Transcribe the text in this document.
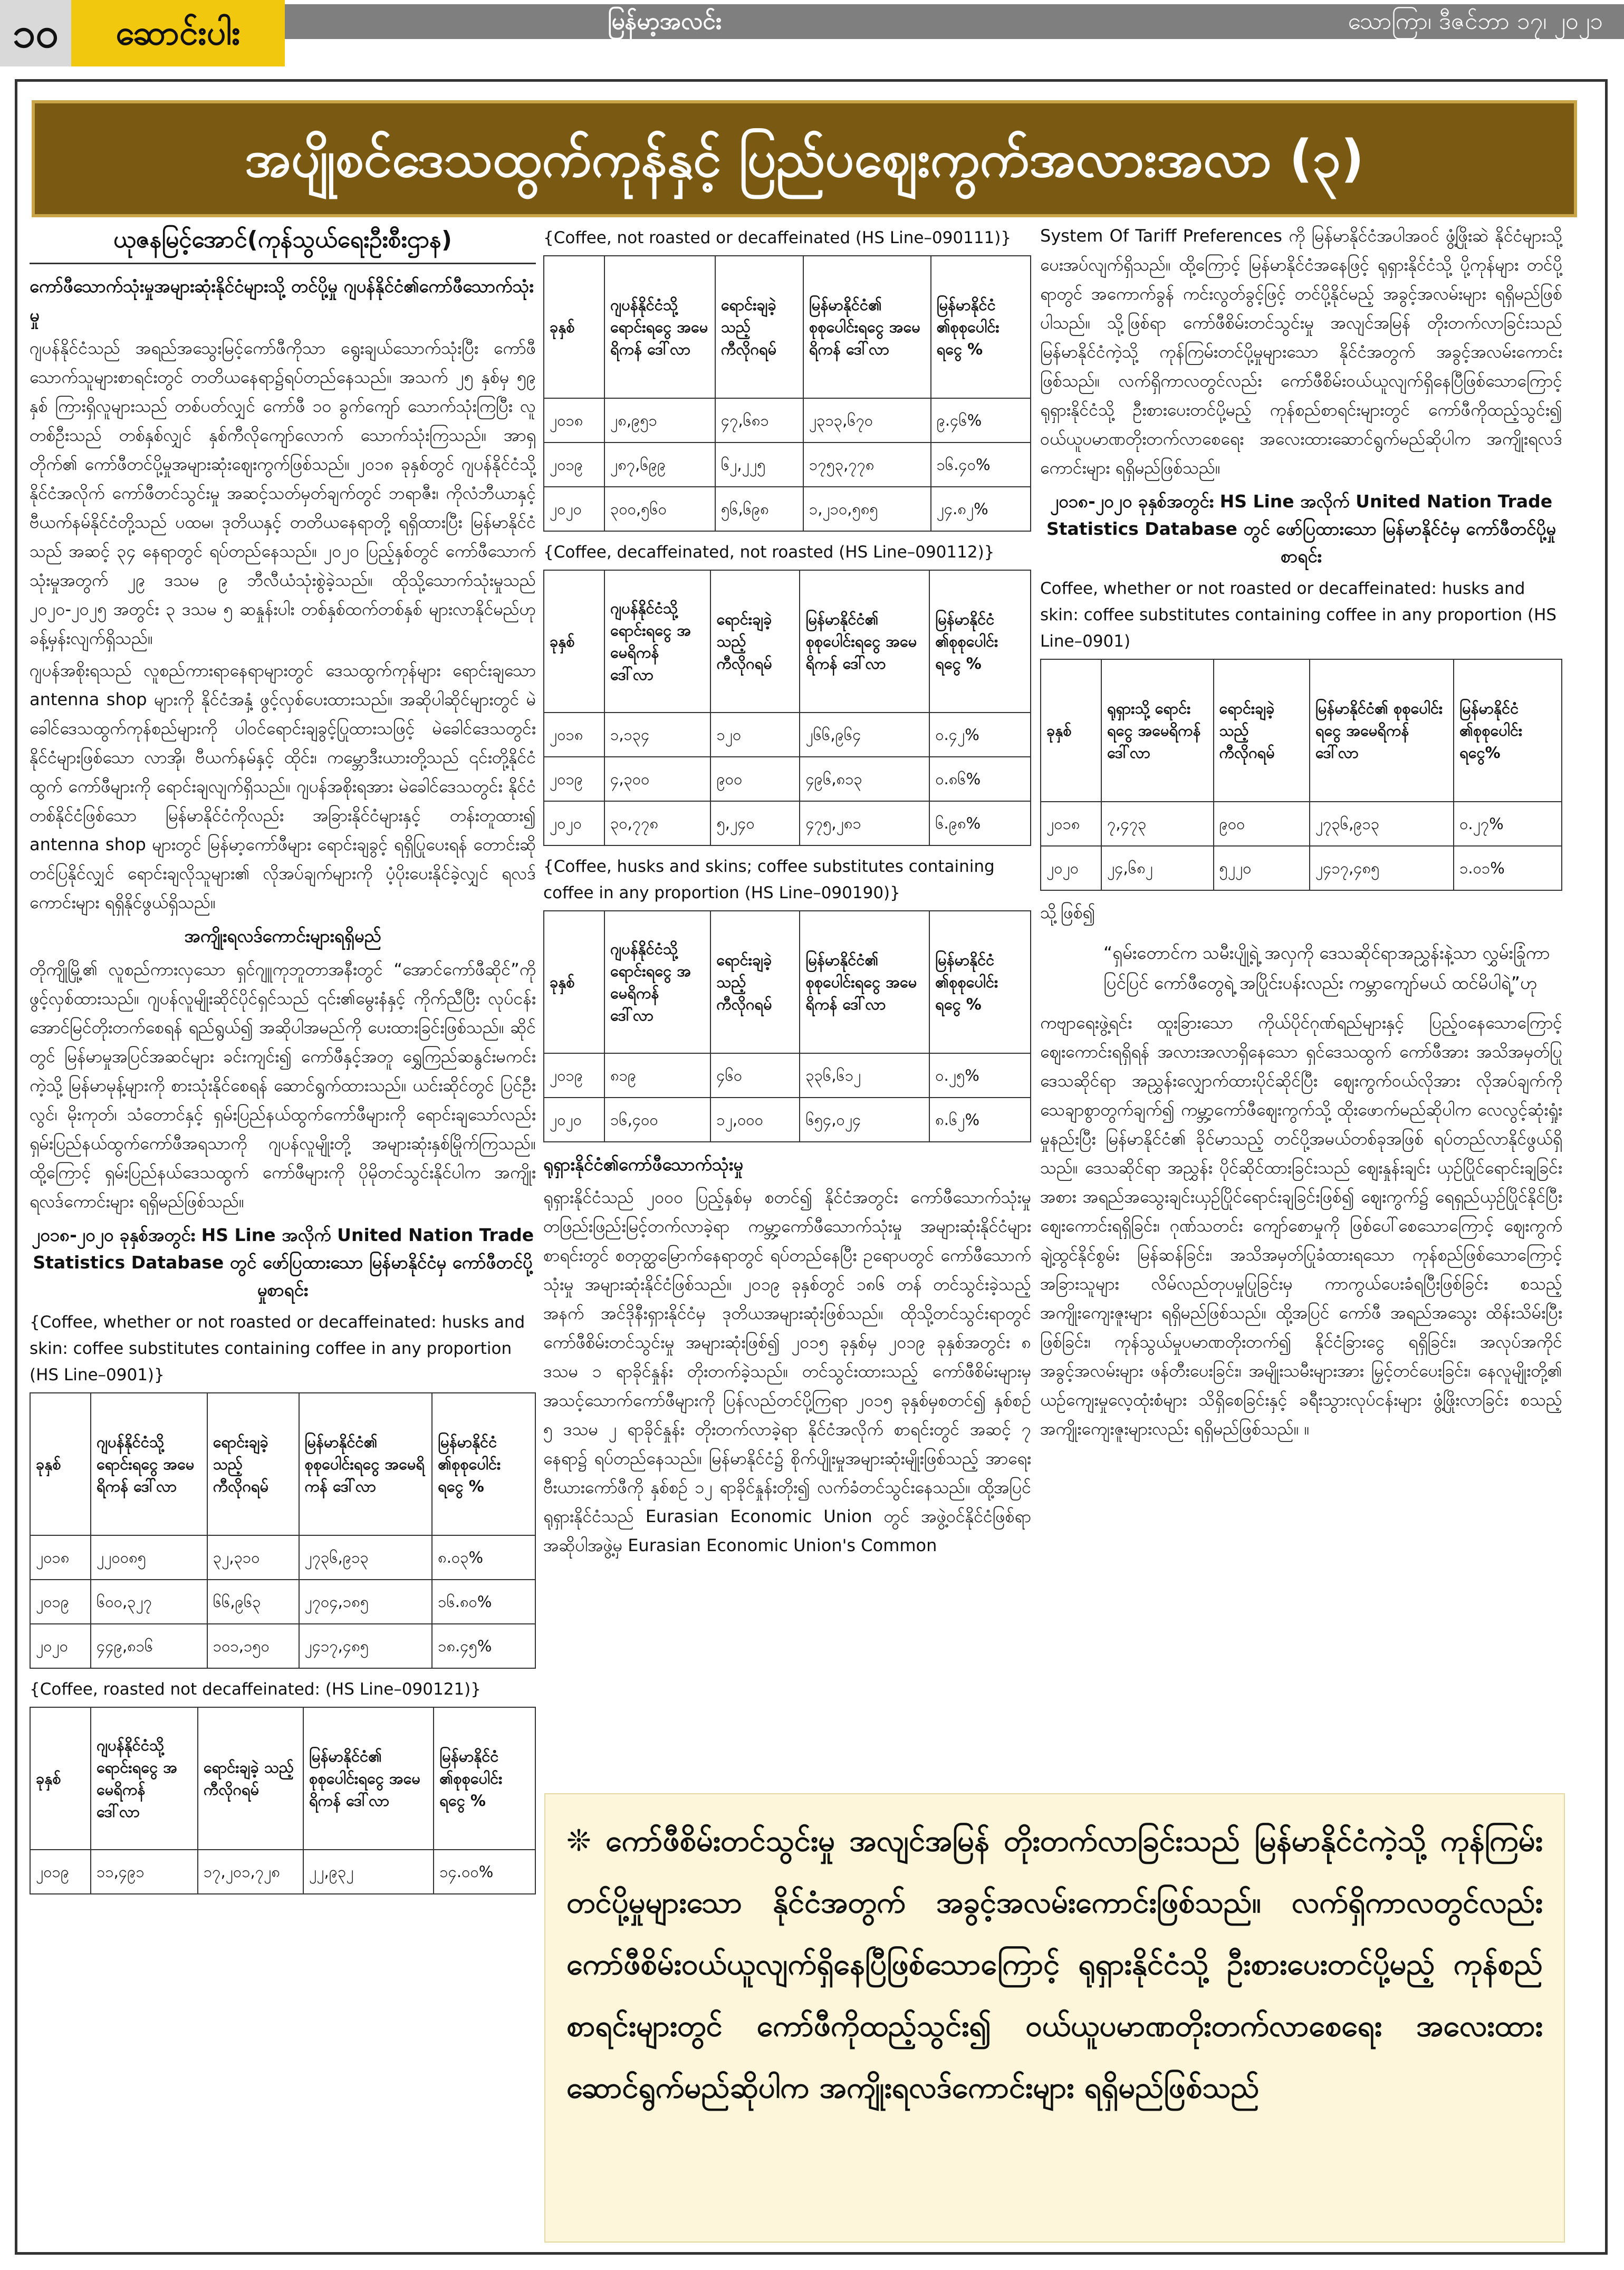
၁၀	ဆောင်းပါး	မြန်မာ့အလင်း	သောကြာ၊ ဒီဇင်ဘာ ၁၇၊ ၂၀၂၁
အပျိုစင်ဒေသထွက်ကုန်နှင့် ပြည်ပဈေးကွက်အလားအလာ (၃)
ယုဇနမြင့်အောင်(ကုန်သွယ်ရေးဦးစီးဌာန)
ကော်ဖီသောက်သုံးမှုအများဆုံးနိုင်ငံများသို့ တင်ပို့မှု ဂျပန်နိုင်ငံ၏ကော်ဖီသောက်သုံးမှု
ဂျပန်နိုင်ငံသည် အရည်အသွေးမြင့်ကော်ဖီကိုသာ ရွေးချယ်သောက်သုံးပြီး ကော်ဖီသောက်သူများစာရင်းတွင် တတိယနေရာ၌ရပ်တည်နေသည်။ အသက် ၂၅ နှစ်မှ ၅၉ နှစ် ကြားရှိလူများသည် တစ်ပတ်လျှင် ကော်ဖီ ၁၀ ခွက်ကျော် သောက်သုံးကြပြီး လူတစ်ဦးသည် တစ်နှစ်လျှင် နှစ်ကီလိုကျော်လောက် သောက်သုံးကြသည်။ အာရှတိုက်၏ ကော်ဖီတင်ပို့မှုအများဆုံးဈေးကွက်ဖြစ်သည်။ ၂၀၁၈ ခုနှစ်တွင် ဂျပန်နိုင်ငံသို့ နိုင်ငံအလိုက် ကော်ဖီတင်သွင်းမှု အဆင့်သတ်မှတ်ချက်တွင် ဘရာဇီး၊ ကိုလံဘီယာနှင့် ဗီယက်နမ်နိုင်ငံတို့သည် ပထမ၊ ဒုတိယနှင့် တတိယနေရာတို့ ရရှိထားပြီး မြန်မာနိုင်ငံသည် အဆင့် ၃၄ နေရာတွင် ရပ်တည်နေသည်။ ၂၀၂၀ ပြည့်နှစ်တွင် ကော်ဖီသောက်သုံးမှုအတွက် ၂၉ ဒသမ ၉ ဘီလီယံသုံးစွဲခဲ့သည်။ ထိုသို့သောက်သုံးမှုသည် ၂၀၂၀-၂၀၂၅ အတွင်း ၃ ဒသမ ၅ ဆနှုန်းပါး တစ်နှစ်ထက်တစ်နှစ် များလာနိုင်မည်ဟု ခန့်မှန်းလျက်ရှိသည်။
ဂျပန်အစိုးရသည် လူစည်ကားရာနေရာများတွင် ဒေသထွက်ကုန်များ ရောင်းချသော antenna shop များကို နိုင်ငံအနှံ့ ဖွင့်လှစ်ပေးထားသည်။ အဆိုပါဆိုင်များတွင် မဲခေါင်ဒေသထွက်ကုန်စည်များကို ပါဝင်ရောင်းချခွင့်ပြုထားသဖြင့် မဲခေါင်ဒေသတွင်း နိုင်ငံများဖြစ်သော လာအို၊ ဗီယက်နမ်နှင့် ထိုင်း၊ ကမ္ဘောဒီးယားတို့သည် ၎င်းတို့နိုင်ငံထွက် ကော်ဖီများကို ရောင်းချလျက်ရှိသည်။ ဂျပန်အစိုးရအား မဲခေါင်ဒေသတွင်း နိုင်ငံတစ်နိုင်ငံဖြစ်သော မြန်မာနိုင်ငံကိုလည်း အခြားနိုင်ငံများနှင့် တန်းတူထား၍ antenna shop များတွင် မြန်မာ့ကော်ဖီများ ရောင်းချခွင့် ရရှိပြုပေးရန် တောင်းဆိုတင်ပြနိုင်လျှင် ရောင်းချလိုသူများ၏ လိုအပ်ချက်များကို ပံ့ပိုးပေးနိုင်ခဲ့လျှင် ရလဒ်ကောင်းများ ရရှိနိုင်ဖွယ်ရှိသည်။
အကျိုးရလဒ်ကောင်းများရရှိမည်
တိုကျိုမြို့၏ လူစည်ကားလှသော ရှင်ဂျူကုဘူတာအနီးတွင် “အောင်ကော်ဖီဆိုင်”ကို ဖွင့်လှစ်ထားသည်။ ဂျပန်လူမျိုးဆိုင်ပိုင်ရှင်သည် ၎င်း၏မွေးနံနှင့် ကိုက်ညီပြီး လုပ်ငန်းအောင်မြင်တိုးတက်စေရန် ရည်ရွယ်၍ အဆိုပါအမည်ကို ပေးထားခြင်းဖြစ်သည်။ ဆိုင်တွင် မြန်မာမှုအပြင်အဆင်များ ခင်းကျင်း၍ ကော်ဖီနှင့်အတူ ရွှေကြည်ဆနွင်းမကင်းကဲ့သို့ မြန်မာမုန့်များကို စားသုံးနိုင်စေရန် ဆောင်ရွက်ထားသည်။ ယင်းဆိုင်တွင် ပြင်ဦးလွင်၊ မိုးကုတ်၊ သံတောင်နှင့် ရှမ်းပြည်နယ်ထွက်ကော်ဖီများကို ရောင်းချသော်လည်း ရှမ်းပြည်နယ်ထွက်ကော်ဖီအရသာကို ဂျပန်လူမျိုးတို့ အများဆုံးနှစ်မြိုက်ကြသည်။ ထို့ကြောင့် ရှမ်းပြည်နယ်ဒေသထွက် ကော်ဖီများကို ပိုမိုတင်သွင်းနိုင်ပါက အကျိုးရလဒ်ကောင်းများ ရရှိမည်ဖြစ်သည်။
၂၀၁၈-၂၀၂၀ ခုနှစ်အတွင်း HS Line အလိုက် United Nation Trade Statistics Database တွင် ဖော်ပြထားသော မြန်မာနိုင်ငံမှ ကော်ဖီတင်ပို့မှုစာရင်း
{Coffee, whether or not roasted or decaffeinated: husks and skin: coffee substitutes containing coffee in any proportion (HS Line–0901)}
ခုနှစ်	ဂျပန်နိုင်ငံသို့ ရောင်းရငွေ အမေရိကန် ဒေါ်လာ	ရောင်းချခဲ့ သည့် ကီလိုဂရမ်	မြန်မာနိုင်ငံ၏ စုစုပေါင်းရငွေ အမေရိကန် ဒေါ်လာ	မြန်မာနိုင်ငံ ၏စုစုပေါင်း ရငွေ %
၂၀၁၈	၂၂၀၀၈၅	၃၂,၃၁၀	၂၇၃၆,၉၁၃	၈.၀၃%
၂၀၁၉	၆၀၀,၃၂၇	၆၆,၉၆၃	၂၇၀၄,၁၈၅	၁၆.၈၀%
၂၀၂၀	၄၄၉,၈၁၆	၁၀၁,၁၅၀	၂၄၁၇,၄၈၅	၁၈.၄၅%
{Coffee, roasted not decaffeinated: (HS Line–090121)}
ခုနှစ်	ဂျပန်နိုင်ငံသို့ ရောင်းရငွေ အမေရိကန် ဒေါ်လာ	ရောင်းချခဲ့ သည့် ကီလိုဂရမ်	မြန်မာနိုင်ငံ၏ စုစုပေါင်းရငွေ အမေရိကန် ဒေါ်လာ	မြန်မာနိုင်ငံ ၏စုစုပေါင်း ရငွေ %
၂၀၁၉	၁၁,၄၉၁	၁၇,၂၀၁,၇၂၈	၂၂,၉၃၂	၁၄.၀၀%
{Coffee, not roasted or decaffeinated (HS Line–090111)}
ခုနှစ်	ဂျပန်နိုင်ငံသို့ ရောင်းရငွေ အမေရိကန် ဒေါ်လာ	ရောင်းချခဲ့ သည့် ကီလိုဂရမ်	မြန်မာနိုင်ငံ၏ စုစုပေါင်းရငွေ အမေရိကန် ဒေါ်လာ	မြန်မာနိုင်ငံ ၏စုစုပေါင်း ရငွေ %
၂၀၁၈	၂၈,၉၅၁	၄၇,၆၈၁	၂၃၁၃,၆၇၀	၉.၄၆%
၂၀၁၉	၂၈၇,၆၉၉	၆၂,၂၂၅	၁၇၅၃,၇၇၈	၁၆.၄၀%
၂၀၂၀	၃၀၀,၅၆၀	၅၆,၆၉၈	၁,၂၁၀,၅၈၅	၂၄.၈၂%
{Coffee, decaffeinated, not roasted (HS Line–090112)}
ခုနှစ်	ဂျပန်နိုင်ငံသို့ ရောင်းရငွေ အမေရိကန် ဒေါ်လာ	ရောင်းချခဲ့ သည့် ကီလိုဂရမ်	မြန်မာနိုင်ငံ၏ စုစုပေါင်းရငွေ အမေရိကန် ဒေါ်လာ	မြန်မာနိုင်ငံ ၏စုစုပေါင်း ရငွေ %
၂၀၁၈	၁,၁၃၄	၁၂၀	၂၆၆,၉၆၄	၀.၄၂%
၂၀၁၉	၄,၃၀၀	၉၀၀	၄၉၆,၈၁၃	၀.၈၆%
၂၀၂၀	၃၀,၇၇၈	၅,၂၄၀	၄၇၅,၂၈၁	၆.၉၈%
{Coffee, husks and skins; coffee substitutes containing coffee in any proportion (HS Line–090190)}
ခုနှစ်	ဂျပန်နိုင်ငံသို့ ရောင်းရငွေ အမေရိကန် ဒေါ်လာ	ရောင်းချခဲ့ သည့် ကီလိုဂရမ်	မြန်မာနိုင်ငံ၏ စုစုပေါင်းရငွေ အမေရိကန် ဒေါ်လာ	မြန်မာနိုင်ငံ ၏စုစုပေါင်း ရငွေ %
၂၀၁၉	၈၁၉	၄၆၀	၃၃၆,၆၁၂	၀.၂၅%
၂၀၂၀	၁၆,၄၀၀	၁၂,၀၀၀	၆၅၄,၀၂၄	၈.၆၂%
ရုရှားနိုင်ငံ၏ကော်ဖီသောက်သုံးမှု
ရုရှားနိုင်ငံသည် ၂၀၀၀ ပြည့်နှစ်မှ စတင်၍ နိုင်ငံအတွင်း ကော်ဖီသောက်သုံးမှု တဖြည်းဖြည်းမြင့်တက်လာခဲ့ရာ ကမ္ဘာ့ကော်ဖီသောက်သုံးမှု အများဆုံးနိုင်ငံများစာရင်းတွင် စတုတ္ထမြောက်နေရာတွင် ရပ်တည်နေပြီး ဥရောပတွင် ကော်ဖီသောက်သုံးမှု အများဆုံးနိုင်ငံဖြစ်သည်။ ၂၀၁၉ ခုနှစ်တွင် ၁၈၆ တန် တင်သွင်းခဲ့သည့်အနက် အင်ဒိုနီးရှားနိုင်ငံမှ ဒုတိယအများဆုံးဖြစ်သည်။ ထိုသို့တင်သွင်းရာတွင် ကော်ဖီစိမ်းတင်သွင်းမှု အများဆုံးဖြစ်၍ ၂၀၁၅ ခုနှစ်မှ ၂၀၁၉ ခုနှစ်အတွင်း ၈ ဒသမ ၁ ရာခိုင်နှုန်း တိုးတက်ခဲ့သည်။ တင်သွင်းထားသည့် ကော်ဖီစိမ်းများမှ အသင့်သောက်ကော်ဖီများကို ပြန်လည်တင်ပို့ကြရာ ၂၀၁၅ ခုနှစ်မှစတင်၍ နှစ်စဉ် ၅ ဒသမ ၂ ရာခိုင်နှုန်း တိုးတက်လာခဲ့ရာ နိုင်ငံအလိုက် စာရင်းတွင် အဆင့် ၇ နေရာ၌ ရပ်တည်နေသည်။ မြန်မာနိုင်ငံ၌ စိုက်ပျိုးမှုအများဆုံးမျိုးဖြစ်သည့် အာရေးဗီးယားကော်ဖီကို နှစ်စဉ် ၁၂ ရာခိုင်နှုန်းတိုး၍ လက်ခံတင်သွင်းနေသည်။ ထို့အပြင် ရုရှားနိုင်ငံသည် Eurasian Economic Union တွင် အဖွဲ့ဝင်နိုင်ငံဖြစ်ရာ အဆိုပါအဖွဲ့မှ Eurasian Economic Union's Common
System Of Tariff Preferences ကို မြန်မာနိုင်ငံအပါအဝင် ဖွံ့ဖြိုးဆဲ နိုင်ငံများသို့ ပေးအပ်လျက်ရှိသည်။ ထို့ကြောင့် မြန်မာနိုင်ငံအနေဖြင့် ရုရှားနိုင်ငံသို့ ပို့ကုန်များ တင်ပို့ရာတွင် အကောက်ခွန် ကင်းလွတ်ခွင့်ဖြင့် တင်ပို့နိုင်မည့် အခွင့်အလမ်းများ ရရှိမည်ဖြစ်ပါသည်။ သို့ဖြစ်ရာ ကော်ဖီစိမ်းတင်သွင်းမှု အလျင်အမြန် တိုးတက်လာခြင်းသည် မြန်မာနိုင်ငံကဲ့သို့ ကုန်ကြမ်းတင်ပို့မှုများသော နိုင်ငံအတွက် အခွင့်အလမ်းကောင်းဖြစ်သည်။ လက်ရှိကာလတွင်လည်း ကော်ဖီစိမ်းဝယ်ယူလျက်ရှိနေပြီဖြစ်သောကြောင့် ရုရှားနိုင်ငံသို့ ဦးစားပေးတင်ပို့မည့် ကုန်စည်စာရင်းများတွင် ကော်ဖီကိုထည့်သွင်း၍ ဝယ်ယူပမာဏတိုးတက်လာစေရေး အလေးထားဆောင်ရွက်မည်ဆိုပါက အကျိုးရလဒ်ကောင်းများ ရရှိမည်ဖြစ်သည်။
၂၀၁၈-၂၀၂၀ ခုနှစ်အတွင်း HS Line အလိုက် United Nation Trade Statistics Database တွင် ဖော်ပြထားသော မြန်မာနိုင်ငံမှ ကော်ဖီတင်ပို့မှုစာရင်း
Coffee, whether or not roasted or decaffeinated: husks and skin: coffee substitutes containing coffee in any proportion (HS Line–0901)
ခုနှစ်	ရုရှားသို့ ရောင်းရငွေ အမေရိကန် ဒေါ်လာ	ရောင်းချခဲ့ သည့် ကီလိုဂရမ်	မြန်မာနိုင်ငံ၏ စုစုပေါင်းရငွေ အမေရိကန် ဒေါ်လာ	မြန်မာနိုင်ငံ ၏စုစုပေါင်း ရငွေ%
၂၀၁၈	၇,၄၇၃	၉၀၀	၂၇၃၆,၉၁၃	၀.၂၇%
၂၀၂၀	၂၄,၆၈၂	၅၂၂၀	၂၄၁၇,၄၈၅	၁.၀၁%
သို့ဖြစ်၍
“ရှမ်းတောင်က သမီးပျို့ရဲ့ အလှကို ဒေသဆိုင်ရာအညွှန်းနဲ့သာ လွှမ်းခြုံကာပြင်ပြင် ကော်ဖီတွေရဲ့ အပြိုင်းပန်းလည်း ကမ္ဘာကျော်မယ် ထင်မိပါရဲ့”ဟု
ကဗျာရေးဖွဲ့ရင်း ထူးခြားသော ကိုယ်ပိုင်ဂုဏ်ရည်များနှင့် ပြည့်ဝနေသောကြောင့် ဈေးကောင်းရရှိရန် အလားအလာရှိနေသော ရှင်ဒေသထွက် ကော်ဖီအား အသိအမှတ်ပြု ဒေသဆိုင်ရာ အညွှန်းလျှောက်ထားပိုင်ဆိုင်ပြီး ဈေးကွက်ဝယ်လိုအား လိုအပ်ချက်ကို သေချာစွာတွက်ချက်၍ ကမ္ဘာ့ကော်ဖီဈေးကွက်သို့ ထိုးဖောက်မည်ဆိုပါက လေလွင့်ဆုံးရှုံးမှုနည်းပြီး မြန်မာနိုင်ငံ၏ ခိုင်မာသည့် တင်ပို့အမယ်တစ်ခုအဖြစ် ရပ်တည်လာနိုင်ဖွယ်ရှိသည်။ ဒေသဆိုင်ရာ အညွှန်း ပိုင်ဆိုင်ထားခြင်းသည် ဈေးနှုန်းချင်း ယှဉ်ပြိုင်ရောင်းချခြင်းအစား အရည်အသွေးချင်းယှဉ်ပြိုင်ရောင်းချခြင်းဖြစ်၍ ဈေးကွက်၌ ရေရှည်ယှဉ်ပြိုင်နိုင်ပြီး ဈေးကောင်းရရှိခြင်း၊ ဂုဏ်သတင်း ကျော်စောမှုကို ဖြစ်ပေါ်စေသောကြောင့် ဈေးကွက်ချဲ့ထွင်နိုင်စွမ်း မြန်ဆန်ခြင်း၊ အသိအမှတ်ပြုခံထားရသော ကုန်စည်ဖြစ်သောကြောင့် အခြားသူများ လိမ်လည်တုပမှုပြုခြင်းမှ ကာကွယ်ပေးခံရပြီးဖြစ်ခြင်း စသည့်အကျိုးကျေးဇူးများ ရရှိမည်ဖြစ်သည်။ ထို့အပြင် ကော်ဖီ အရည်အသွေး ထိန်းသိမ်းပြီးဖြစ်ခြင်း၊ ကုန်သွယ်မှုပမာဏတိုးတက်၍ နိုင်ငံခြားငွေ ရရှိခြင်း၊ အလုပ်အကိုင်အခွင့်အလမ်းများ ဖန်တီးပေးခြင်း၊ အမျိုးသမီးများအား မြှင့်တင်ပေးခြင်း၊ နေလူမျိုးတို့၏ ယဉ်ကျေးမှုလေ့ထုံးစံများ သိရှိစေခြင်းနှင့် ခရီးသွားလုပ်ငန်းများ ဖွံ့ဖြိုးလာခြင်း စသည့် အကျိုးကျေးဇူးများလည်း ရရှိမည်ဖြစ်သည်။ ။
❊ ကော်ဖီစိမ်းတင်သွင်းမှု အလျင်အမြန် တိုးတက်လာခြင်းသည် မြန်မာနိုင်ငံကဲ့သို့ ကုန်ကြမ်းတင်ပို့မှုများသော နိုင်ငံအတွက် အခွင့်အလမ်းကောင်းဖြစ်သည်။ လက်ရှိကာလတွင်လည်း ကော်ဖီစိမ်းဝယ်ယူလျက်ရှိနေပြီဖြစ်သောကြောင့် ရုရှားနိုင်ငံသို့ ဦးစားပေးတင်ပို့မည့် ကုန်စည်စာရင်းများတွင် ကော်ဖီကိုထည့်သွင်း၍ ဝယ်ယူပမာဏတိုးတက်လာစေရေး အလေးထားဆောင်ရွက်မည်ဆိုပါက အကျိုးရလဒ်ကောင်းများ ရရှိမည်ဖြစ်သည်
